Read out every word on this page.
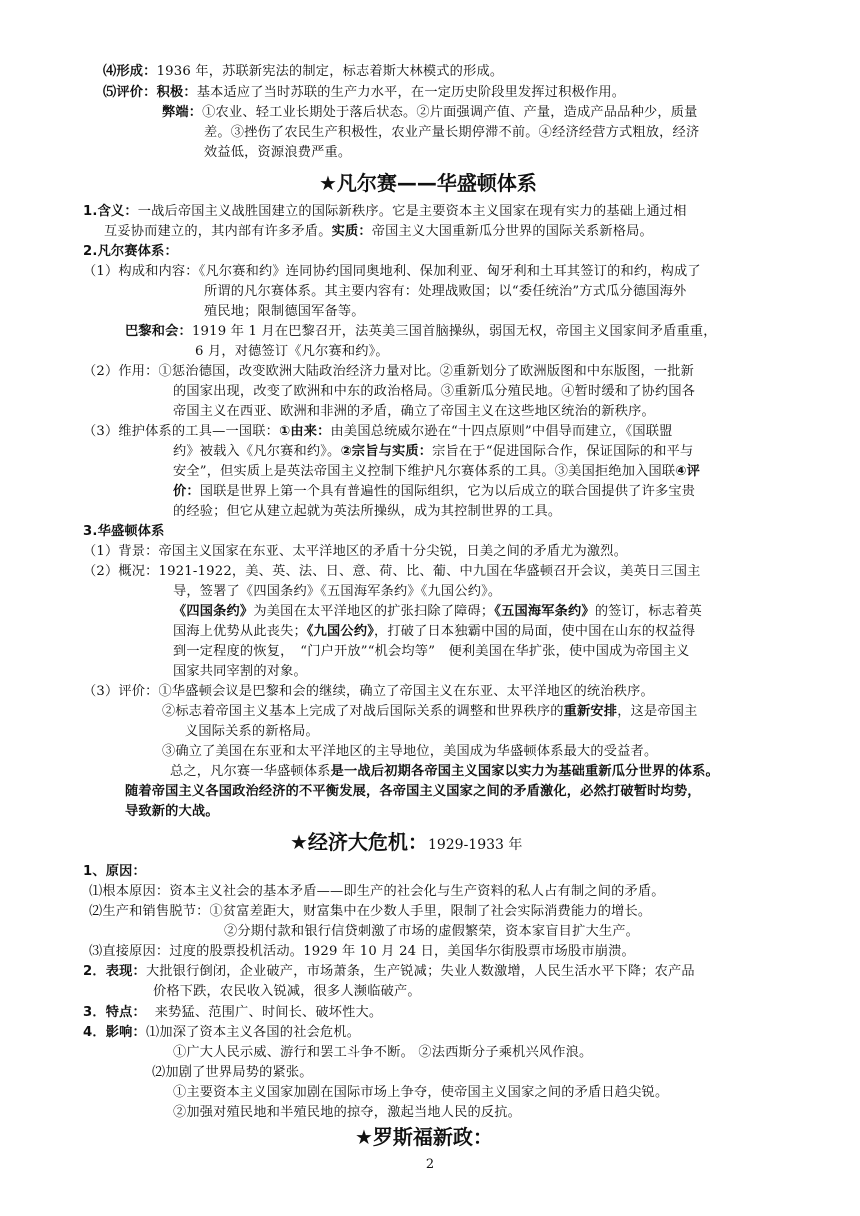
⑷形成：1936 年，苏联新宪法的制定，标志着斯大林模式的形成。
⑸评价：积极：基本适应了当时苏联的生产力水平，在一定历史阶段里发挥过积极作用。
弊端：①农业、轻工业长期处于落后状态。②片面强调产值、产量，造成产品品种少，质量
差。③挫伤了农民生产积极性，农业产量长期停滞不前。④经济经营方式粗放，经济
效益低，资源浪费严重。
★凡尔赛——华盛顿体系
1.含义：一战后帝国主义战胜国建立的国际新秩序。它是主要资本主义国家在现有实力的基础上通过相
互妥协而建立的，其内部有许多矛盾。实质：帝国主义大国重新瓜分世界的国际关系新格局。
2.凡尔赛体系：
（1）构成和内容：《凡尔赛和约》连同协约国同奥地利、保加利亚、匈牙利和土耳其签订的和约，构成了
所谓的凡尔赛体系。其主要内容有：处理战败国；以“委任统治”方式瓜分德国海外
殖民地；限制德国军备等。
巴黎和会：1919 年 1 月在巴黎召开，法英美三国首脑操纵，弱国无权，帝国主义国家间矛盾重重，
6 月，对德签订《凡尔赛和约》。
（2）作用：①惩治德国，改变欧洲大陆政治经济力量对比。②重新划分了欧洲版图和中东版图，一批新
的国家出现，改变了欧洲和中东的政治格局。③重新瓜分殖民地。④暂时缓和了协约国各
帝国主义在西亚、欧洲和非洲的矛盾，确立了帝国主义在这些地区统治的新秩序。
（3）维护体系的工具—一国联：①由来：由美国总统威尔逊在“十四点原则”中倡导而建立，《国联盟
约》被载入《凡尔赛和约》。②宗旨与实质：宗旨在于“促进国际合作，保证国际的和平与
安全”，但实质上是英法帝国主义控制下维护凡尔赛体系的工具。③美国拒绝加入国联④评
价：国联是世界上第一个具有普遍性的国际组织，它为以后成立的联合国提供了许多宝贵
的经验；但它从建立起就为英法所操纵，成为其控制世界的工具。
3.华盛顿体系
（1）背景：帝国主义国家在东亚、太平洋地区的矛盾十分尖锐，日美之间的矛盾尤为激烈。
（2）概况：1921-1922，美、英、法、日、意、荷、比、葡、中九国在华盛顿召开会议，美英日三国主
导，签署了《四国条约》《五国海军条约》《九国公约》。
《四国条约》为美国在太平洋地区的扩张扫除了障碍；《五国海军条约》的签订，标志着英
国海上优势从此丧失；《九国公约》，打破了日本独霸中国的局面，使中国在山东的权益得
到一定程度的恢复，　“门户开放”“机会均等”　便利美国在华扩张，使中国成为帝国主义
国家共同宰割的对象。
（3）评价：①华盛顿会议是巴黎和会的继续，确立了帝国主义在东亚、太平洋地区的统治秩序。
②标志着帝国主义基本上完成了对战后国际关系的调整和世界秩序的重新安排，这是帝国主
义国际关系的新格局。
③确立了美国在东亚和太平洋地区的主导地位，美国成为华盛顿体系最大的受益者。
总之，凡尔赛一华盛顿体系是一战后初期各帝国主义国家以实力为基础重新瓜分世界的体系。
随着帝国主义各国政治经济的不平衡发展，各帝国主义国家之间的矛盾激化，必然打破暂时均势，
导致新的大战。
★经济大危机：1929-1933 年
1、原因：
⑴根本原因：资本主义社会的基本矛盾——即生产的社会化与生产资料的私人占有制之间的矛盾。
⑵生产和销售脱节：①贫富差距大，财富集中在少数人手里，限制了社会实际消费能力的增长。
②分期付款和银行信贷刺激了市场的虚假繁荣，资本家盲目扩大生产。
⑶直接原因：过度的股票投机活动。1929 年 10 月 24 日，美国华尔街股票市场股市崩溃。
2．表现：大批银行倒闭，企业破产，市场萧条，生产锐减；失业人数激增，人民生活水平下降；农产品
价格下跌，农民收入锐减，很多人濒临破产。
3．特点： 来势猛、范围广、时间长、破坏性大。
4．影响：⑴加深了资本主义各国的社会危机。
①广大人民示威、游行和罢工斗争不断。 ②法西斯分子乘机兴风作浪。
⑵加剧了世界局势的紧张。
①主要资本主义国家加剧在国际市场上争夺，使帝国主义国家之间的矛盾日趋尖锐。
②加强对殖民地和半殖民地的掠夺，激起当地人民的反抗。
★罗斯福新政：
2
